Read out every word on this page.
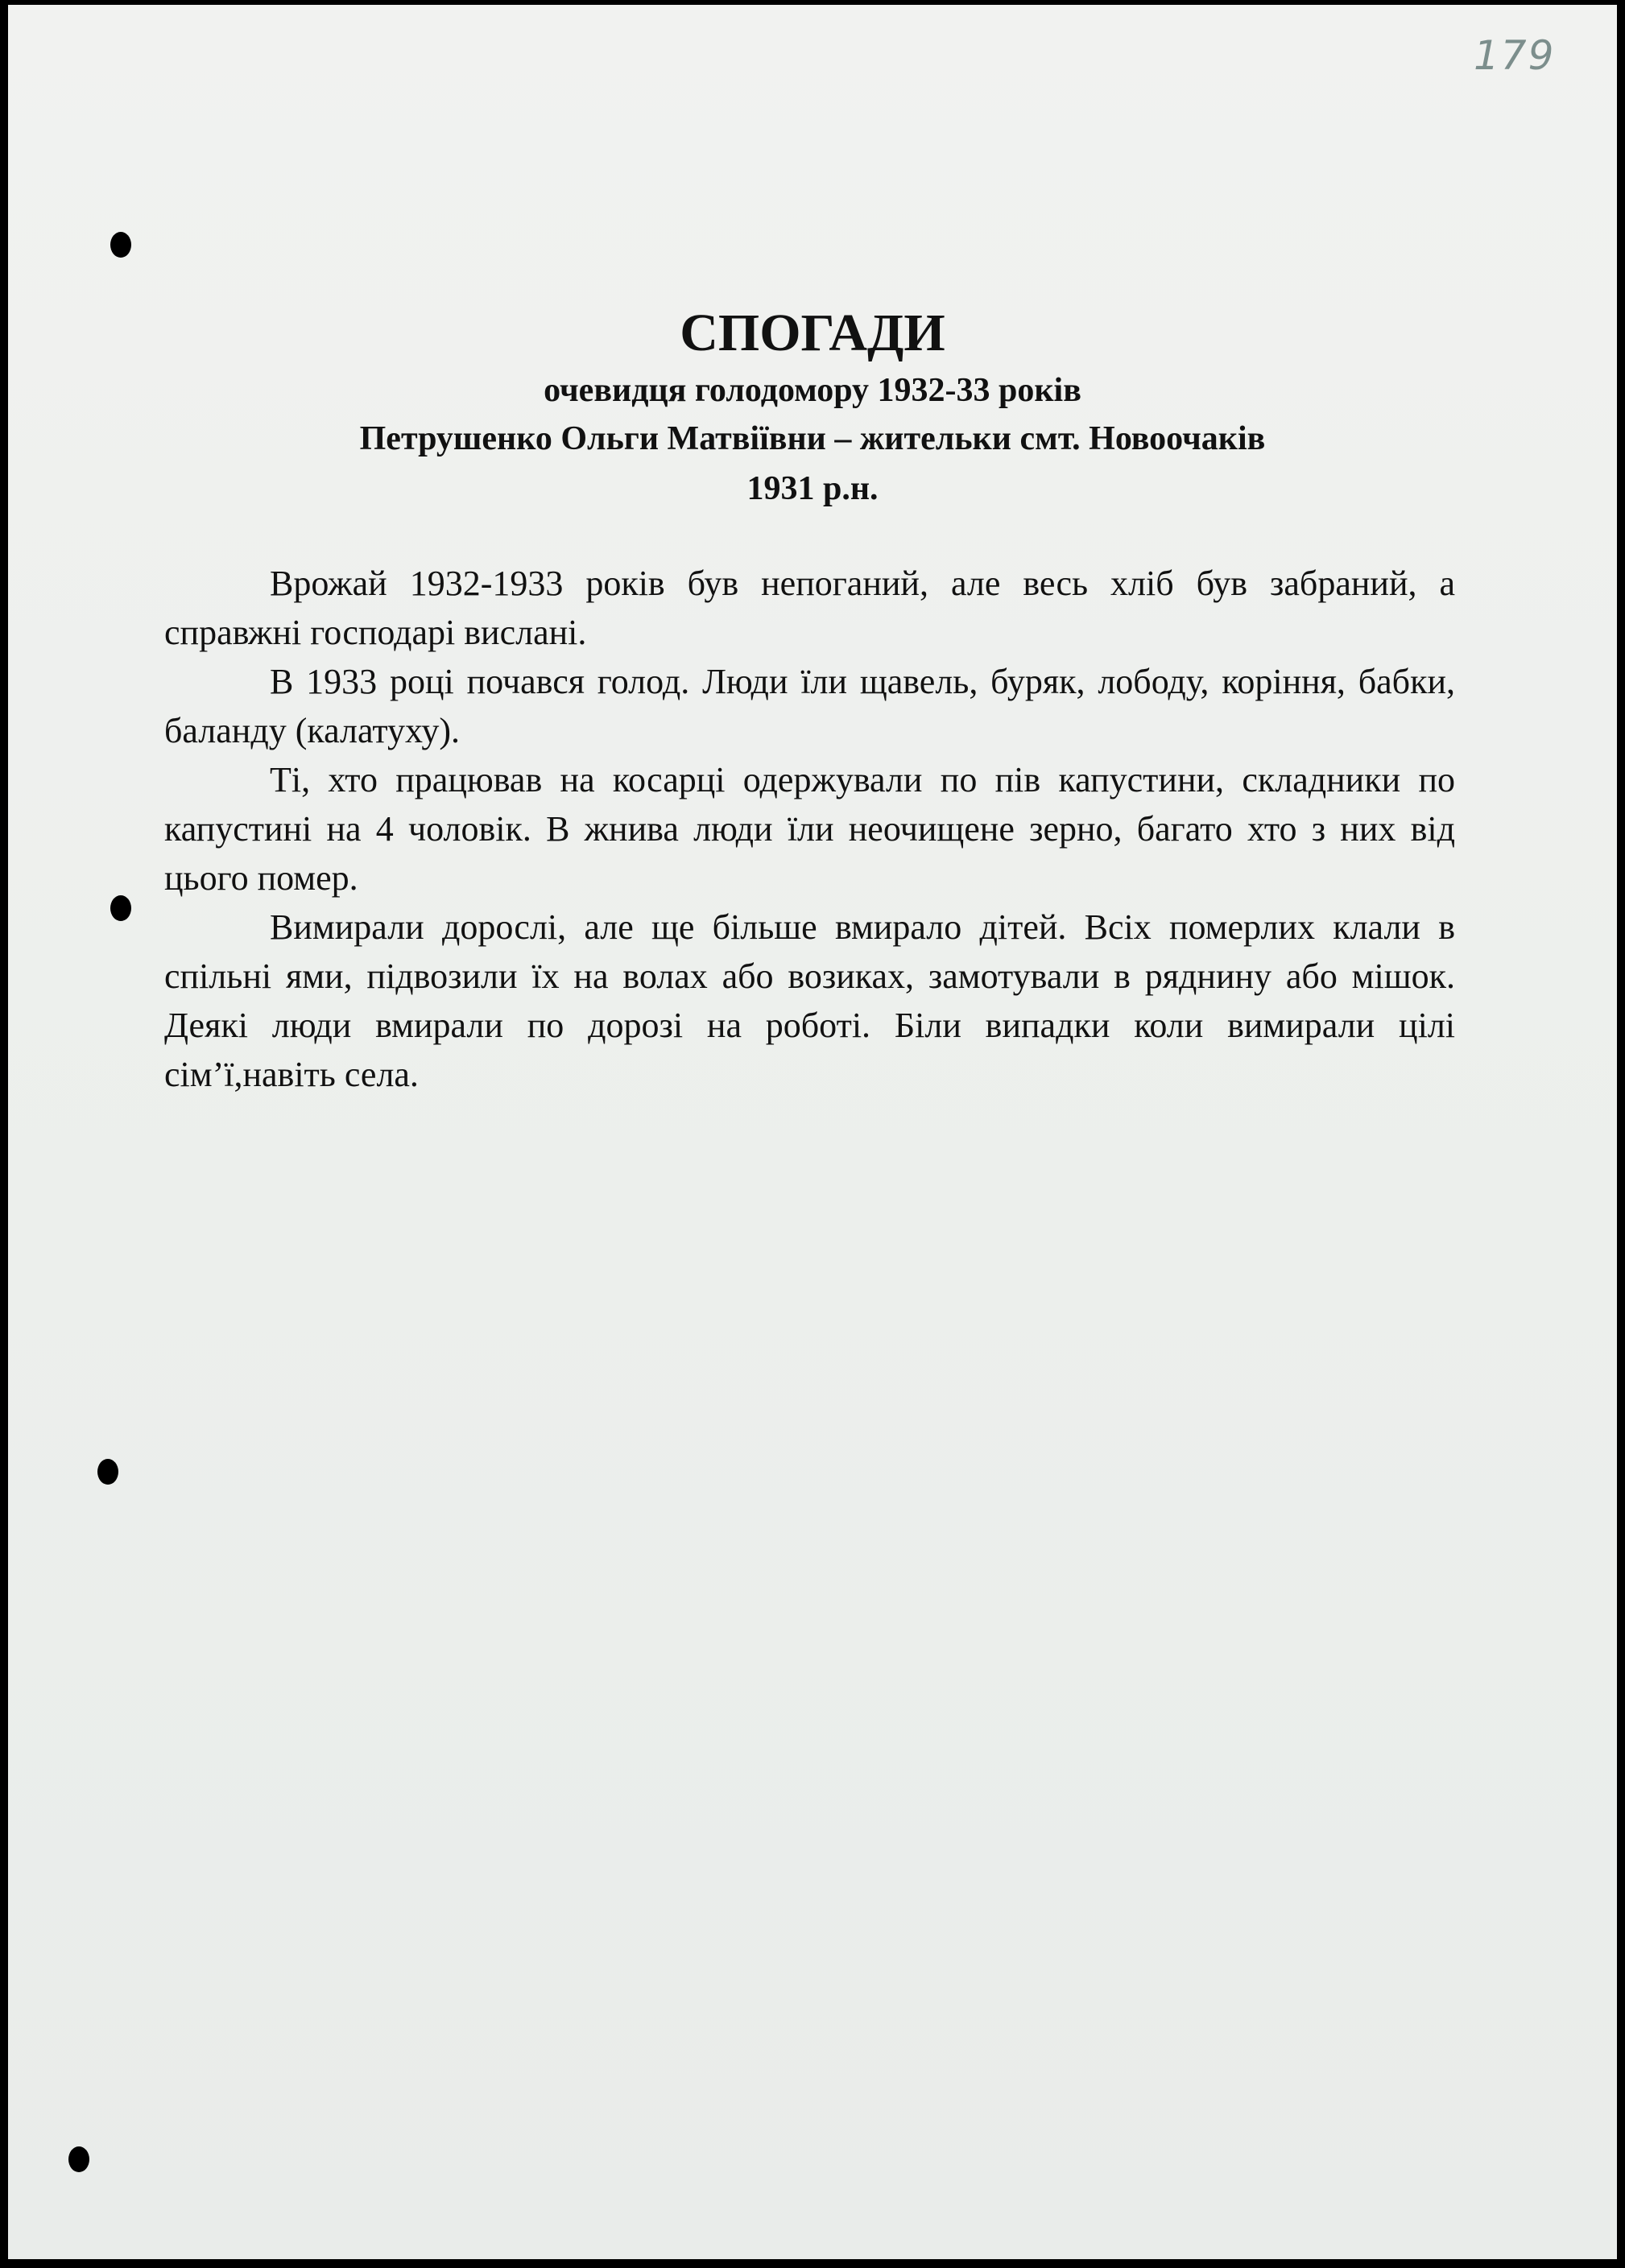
179
СПОГАДИ
очевидця голодомору 1932-33 років
Петрушенко Ольги Матвіївни – жительки смт. Новоочаків
1931 р.н.

Врожай 1932-1933 років був непоганий, але весь хліб був забраний, а справжні господарі вислані.

В 1933 році почався голод. Люди їли щавель, буряк, лободу, коріння, бабки, баланду (калатуху).

Ті, хто працював на косарці одержували по пів капустини, складники по капустині на 4 чоловік. В жнива люди їли неочищене зерно, багато хто з них від цього помер.

Вимирали дорослі, але ще більше вмирало дітей. Всіх померлих клали в спільні ями, підвозили їх на волах або возиках, замотували в ряднину або мішок. Деякі люди вмирали по дорозі на роботі. Біли випадки коли вимирали цілі сім’ї,навіть села.
